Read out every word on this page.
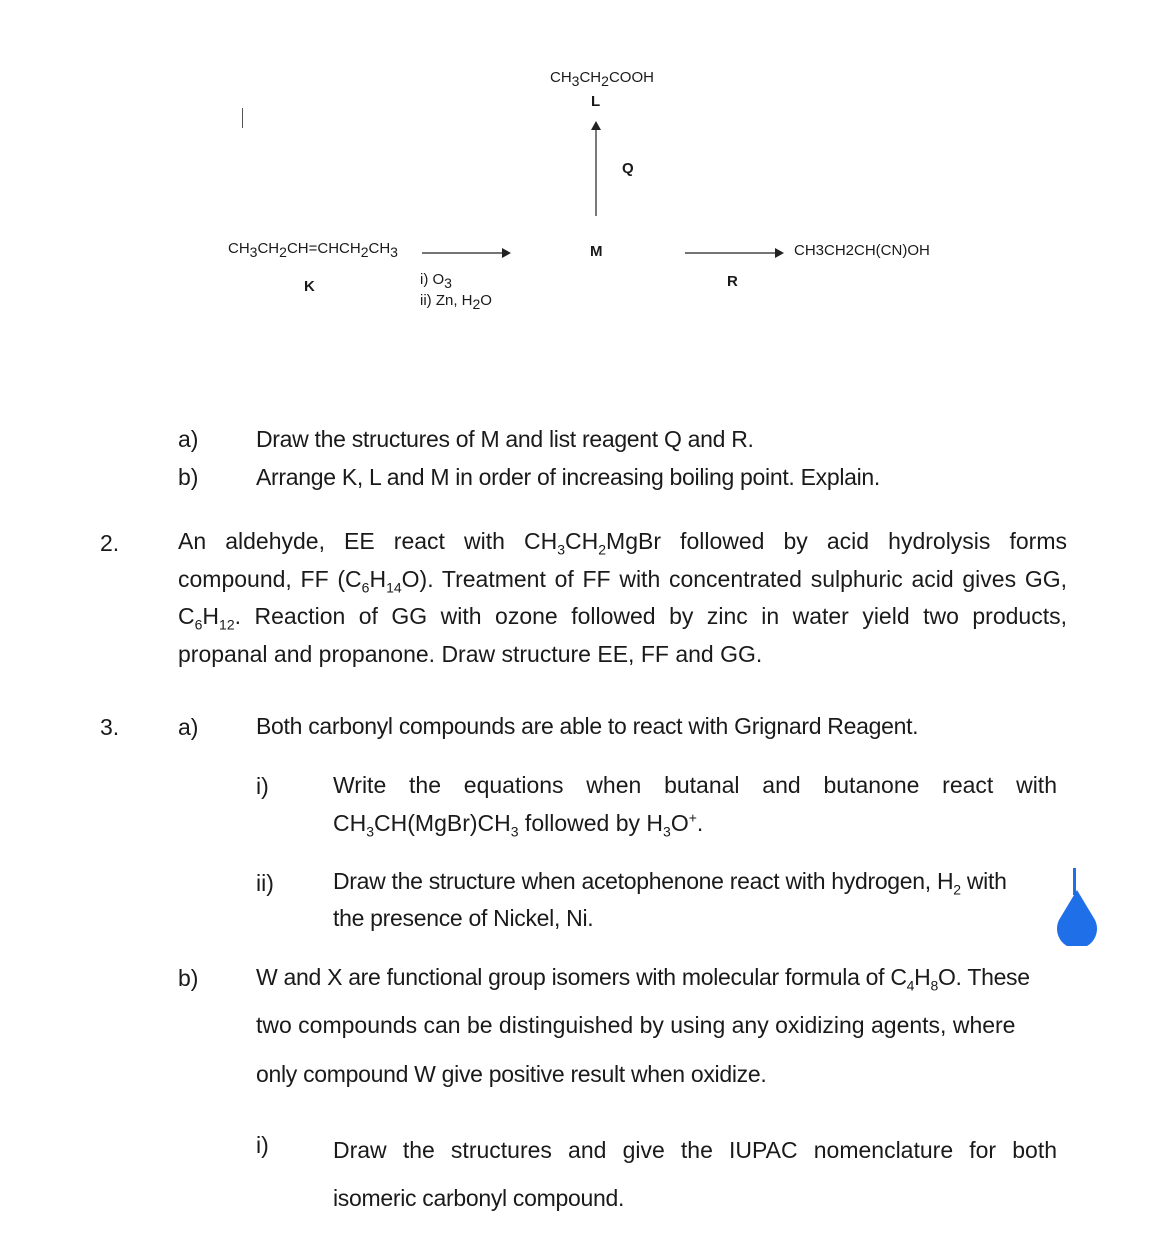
$CH_3CH_2COOH$
L
Q
$CH_3CH_2CH=CHCH_2CH_3$
K	i) $O_3$
ii) Zn, $H_2O$
M
R
CH3CH2CH(CN)OH
a)	Draw the structures of M and list reagent Q and R.
b)	Arrange K, L and M in order of increasing boiling point. Explain.
2.	An aldehyde, EE react with $CH_3CH_2MgBr$ followed by acid hydrolysis forms
compound, FF $(C_6H_{14}O)$. Treatment of FF with concentrated sulphuric acid gives GG,
$C_6H_{12}$. Reaction of GG with ozone followed by zinc in water yield two products,
propanal and propanone. Draw structure EE, FF and GG.
3.	a)	Both carbonyl compounds are able to react with Grignard Reagent.
i)	Write the equations when butanal and butanone react with
$CH_3CH(MgBr)CH_3$ followed by $H_3O^+$.
ii)	Draw the structure when acetophenone react with hydrogen, $H_2$ with
the presence of Nickel, Ni.
b)	W and X are functional group isomers with molecular formula of $C_4H_8O$. These
two compounds can be distinguished by using any oxidizing agents, where
only compound W give positive result when oxidize.
i)	Draw the structures and give the IUPAC nomenclature for both
isomeric carbonyl compound.
